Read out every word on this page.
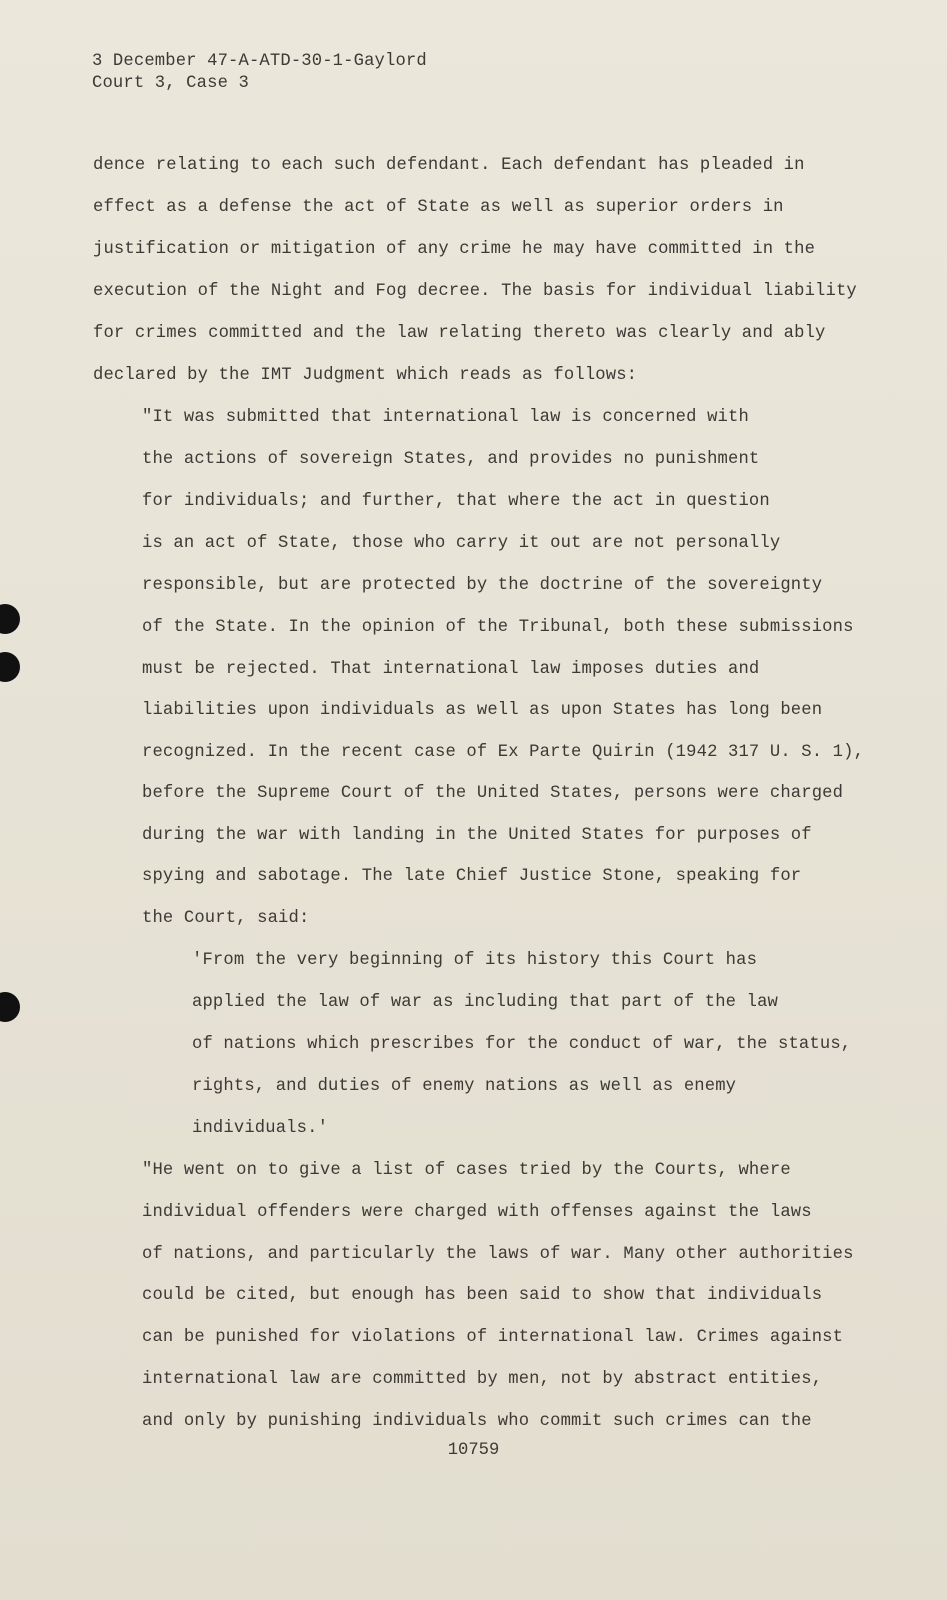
3 December 47-A-ATD-30-1-Gaylord
Court 3, Case 3
dence relating to each such defendant. Each defendant has pleaded in
effect as a defense the act of State as well as superior orders in
justification or mitigation of any crime he may have committed in the
execution of the Night and Fog decree. The basis for individual liability
for crimes committed and the law relating thereto was clearly and ably
declared by the IMT Judgment which reads as follows:
"It was submitted that international law is concerned with
the actions of sovereign States, and provides no punishment
for individuals; and further, that where the act in question
is an act of State, those who carry it out are not personally
responsible, but are protected by the doctrine of the sovereignty
of the State. In the opinion of the Tribunal, both these submissions
must be rejected. That international law imposes duties and
liabilities upon individuals as well as upon States has long been
recognized. In the recent case of Ex Parte Quirin (1942 317 U. S. 1),
before the Supreme Court of the United States, persons were charged
during the war with landing in the United States for purposes of
spying and sabotage. The late Chief Justice Stone, speaking for
the Court, said:
'From the very beginning of its history this Court has
applied the law of war as including that part of the law
of nations which prescribes for the conduct of war, the status,
rights, and duties of enemy nations as well as enemy
individuals.'
"He went on to give a list of cases tried by the Courts, where
individual offenders were charged with offenses against the laws
of nations, and particularly the laws of war. Many other authorities
could be cited, but enough has been said to show that individuals
can be punished for violations of international law. Crimes against
international law are committed by men, not by abstract entities,
and only by punishing individuals who commit such crimes can the
10759
